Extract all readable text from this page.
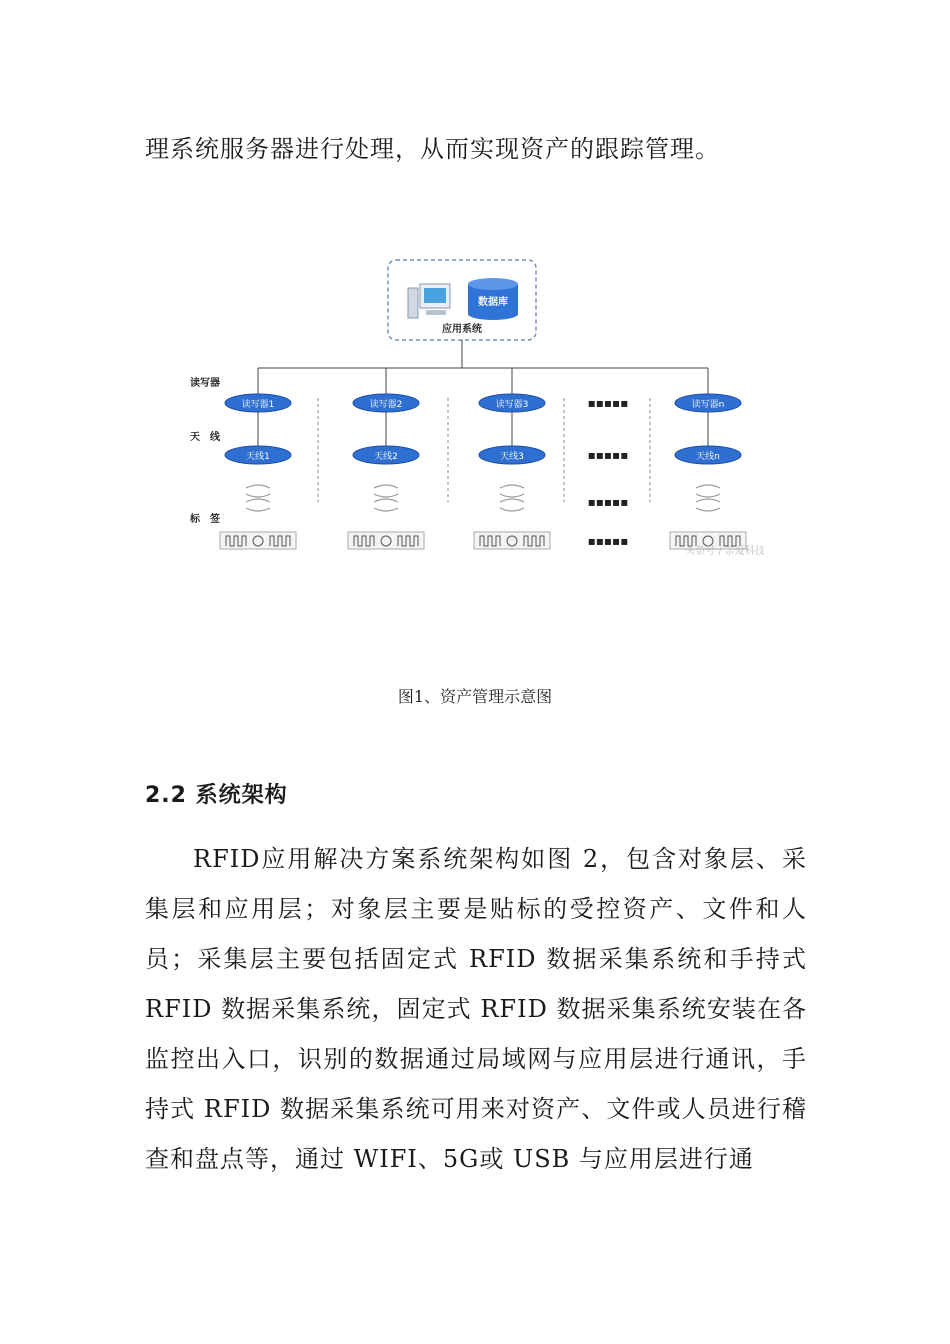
理系统服务器进行处理，从而实现资产的跟踪管理。

数据库
应用系统
读写器
天　线
标　签
读写器1
天线1
读写器2
天线2
读写器3
天线3
▪▪▪▪▪
▪▪▪▪▪
▪▪▪▪▪
▪▪▪▪▪
读写器n
天线n
头条号 / 亲爱科技
图1、资产管理示意图
2.2 系统架构

RFID应用解决方案系统架构如图 2，包含对象层、采集层和应用层；对象层主要是贴标的受控资产、文件和人员；采集层主要包括固定式 RFID 数据采集系统和手持式 RFID 数据采集系统，固定式 RFID 数据采集系统安装在各监控出入口，识别的数据通过局域网与应用层进行通讯，手持式 RFID 数据采集系统可用来对资产、文件或人员进行稽查和盘点等，通过 WIFI、5G或 USB 与应用层进行通
